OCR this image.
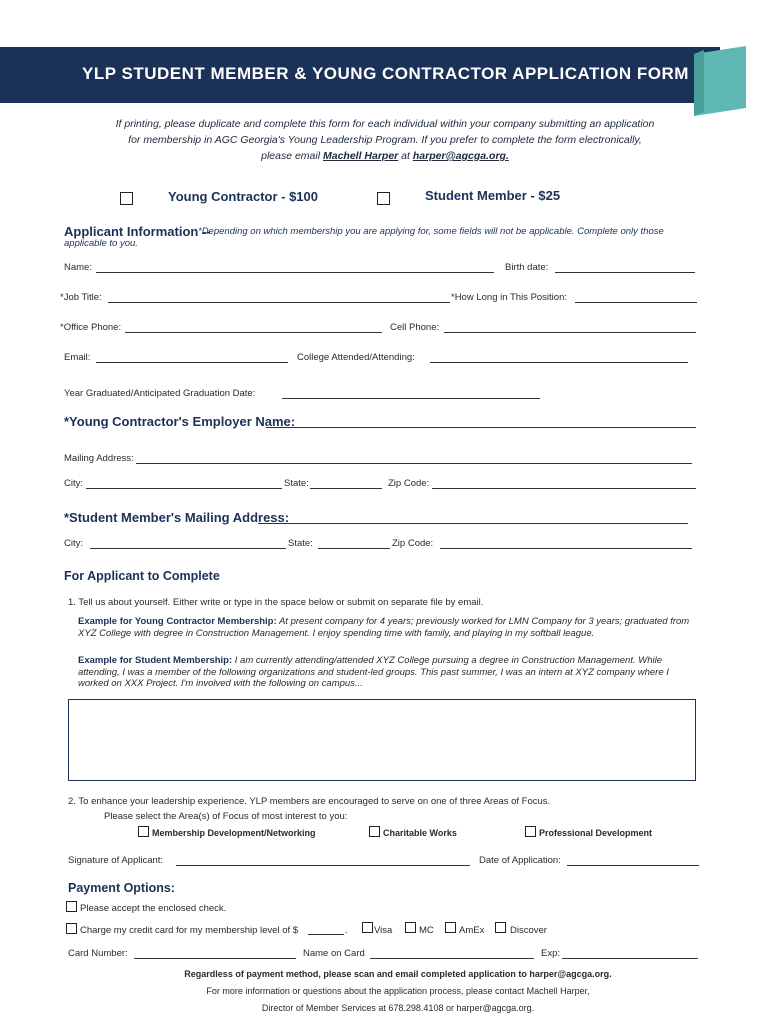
YLP STUDENT MEMBER & YOUNG CONTRACTOR APPLICATION FORM
If printing, please duplicate and complete this form for each individual within your company submitting an application
for membership in AGC Georgia's Young Leadership Program. If you prefer to complete the form electronically,
please email Machell Harper at harper@agcga.org.
Young Contractor - $100	Student Member - $25
Applicant Information --
*Depending on which membership you are applying for, some fields will not be applicable. Complete only those applicable to you.
Name:	Birth date:
*Job Title:	*How Long in This Position:
*Office Phone:	Cell Phone:
Email:	College Attended/Attending:
Year Graduated/Anticipated Graduation Date:
*Young Contractor's Employer Name:
Mailing Address:
City:	State:	Zip Code:
*Student Member's Mailing Address:
City:	State:	Zip Code:
For Applicant to Complete
1. Tell us about yourself. Either write or type in the space below or submit on separate file by email.
Example for Young Contractor Membership: At present company for 4 years; previously worked for LMN Company for 3 years; graduated from XYZ College with degree in Construction Management. I enjoy spending time with family, and playing in my softball league.
Example for Student Membership: I am currently attending/attended XYZ College pursuing a degree in Construction Management. While attending, I was a member of the following organizations and student-led groups. This past summer, I was an intern at XYZ company where I worked on XXX Project. I'm involved with the following on campus...
2. To enhance your leadership experience. YLP members are encouraged to serve on one of three Areas of Focus.
Please select the Area(s) of Focus of most interest to you:
Membership Development/Networking	Charitable Works	Professional Development
Signature of Applicant:	Date of Application:
Payment Options:
Please accept the enclosed check.
Charge my credit card for my membership level of $	.	Visa	MC	AmEx	Discover
Card Number:	Name on Card	Exp:
Regardless of payment method, please scan and email completed application to harper@agcga.org.
For more information or questions about the application process, please contact Machell Harper,
Director of Member Services at 678.298.4108 or harper@agcga.org.
